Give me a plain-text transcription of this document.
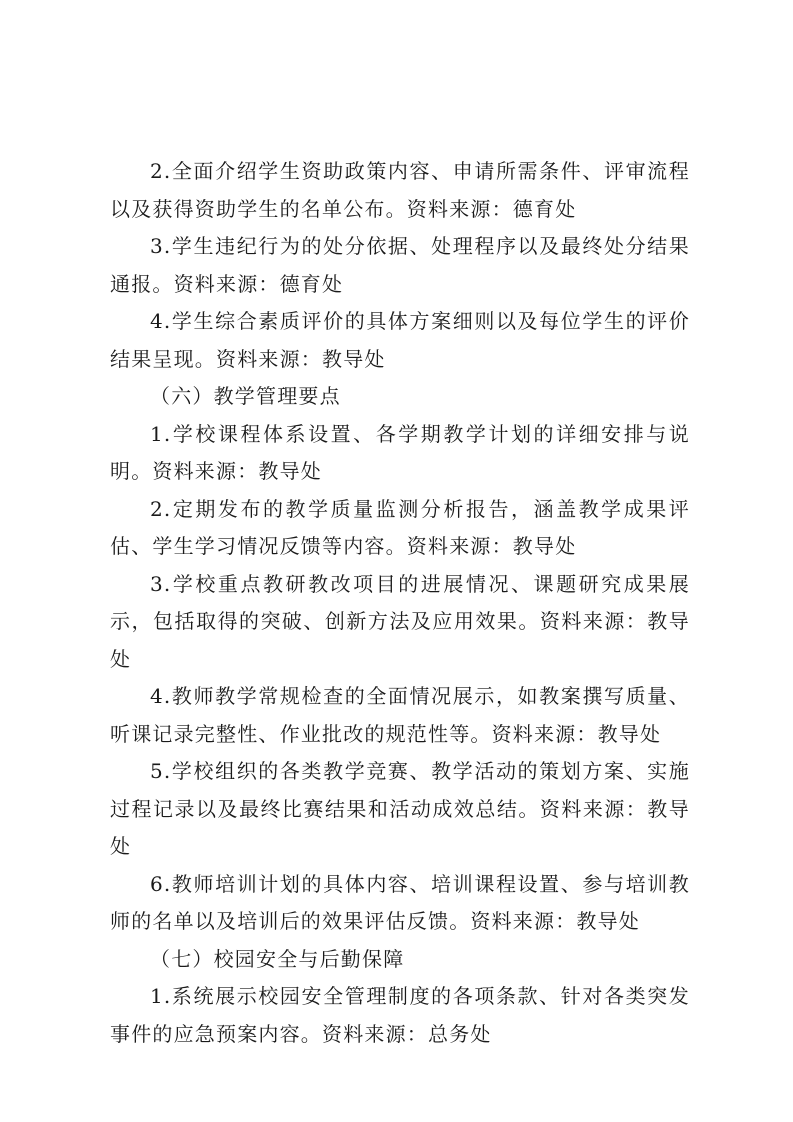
2.全面介绍学生资助政策内容、申请所需条件、评审流程以及获得资助学生的名单公布。资料来源：德育处

3.学生违纪行为的处分依据、处理程序以及最终处分结果通报。资料来源：德育处

4.学生综合素质评价的具体方案细则以及每位学生的评价结果呈现。资料来源：教导处

（六）教学管理要点

1.学校课程体系设置、各学期教学计划的详细安排与说明。资料来源：教导处

2.定期发布的教学质量监测分析报告，涵盖教学成果评估、学生学习情况反馈等内容。资料来源：教导处

3.学校重点教研教改项目的进展情况、课题研究成果展示，包括取得的突破、创新方法及应用效果。资料来源：教导处

4.教师教学常规检查的全面情况展示，如教案撰写质量、听课记录完整性、作业批改的规范性等。资料来源：教导处

5.学校组织的各类教学竞赛、教学活动的策划方案、实施过程记录以及最终比赛结果和活动成效总结。资料来源：教导处

6.教师培训计划的具体内容、培训课程设置、参与培训教师的名单以及培训后的效果评估反馈。资料来源：教导处

（七）校园安全与后勤保障

1.系统展示校园安全管理制度的各项条款、针对各类突发事件的应急预案内容。资料来源：总务处
